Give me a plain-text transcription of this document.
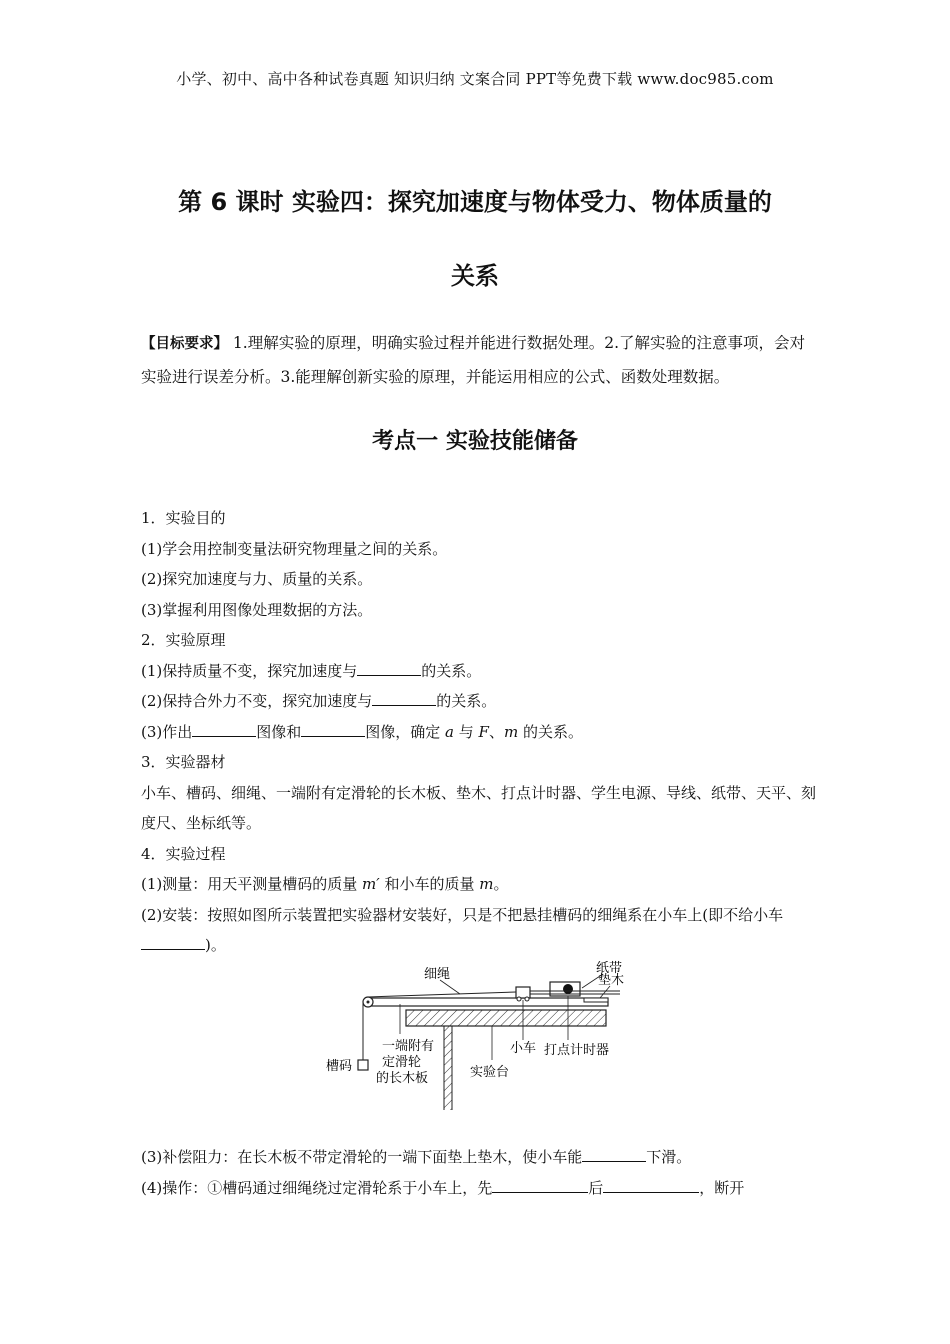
小学、初中、高中各种试卷真题 知识归纳 文案合同 PPT等免费下载 www.doc985.com
第 6 课时 实验四：探究加速度与物体受力、物体质量的
关系
【目标要求】 1.理解实验的原理，明确实验过程并能进行数据处理。2.了解实验的注意事项，会对实验进行误差分析。3.能理解创新实验的原理，并能运用相应的公式、函数处理数据。
考点一 实验技能储备

1．实验目的

(1)学会用控制变量法研究物理量之间的关系。

(2)探究加速度与力、质量的关系。

(3)掌握利用图像处理数据的方法。

2．实验原理

(1)保持质量不变，探究加速度与	的关系。

(2)保持合外力不变，探究加速度与	的关系。

(3)作出	图像和	图像，确定 a 与 F、m 的关系。

3．实验器材

小车、槽码、细绳、一端附有定滑轮的长木板、垫木、打点计时器、学生电源、导线、纸带、天平、刻度尺、坐标纸等。

4．实验过程

(1)测量：用天平测量槽码的质量 m′ 和小车的质量 m。

(2)安装：按照如图所示装置把实验器材安装好，只是不把悬挂槽码的细绳系在小车上(即不给小车)。

细绳	纸带
垫木
小车 打点计时器
槽码
一端附有
定滑轮
的长木板	实验台

(3)补偿阻力：在长木板不带定滑轮的一端下面垫上垫木，使小车能	下滑。

(4)操作：①槽码通过细绳绕过定滑轮系于小车上，先	后	，断开
